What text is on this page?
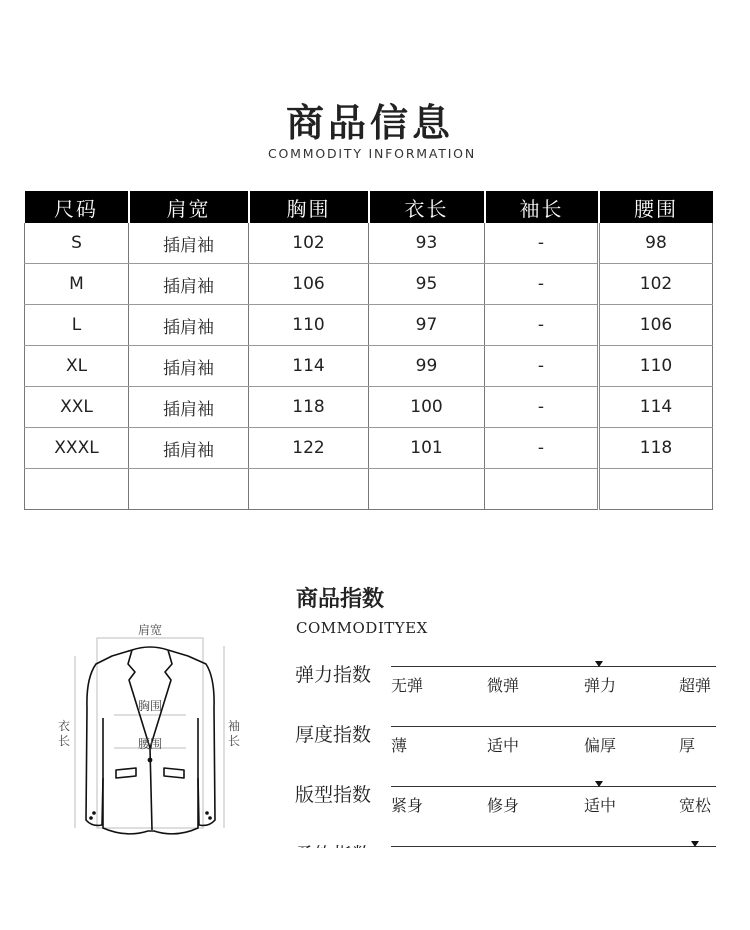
商品信息
COMMODITY INFORMATION
尺码	肩宽	胸围	衣长	袖长	腰围
S	插肩袖	102	93	-	98
M	插肩袖	106	95	-	102
L	插肩袖	110	97	-	106
XL	插肩袖	114	99	-	110
XXL	插肩袖	118	100	-	114
XXXL	插肩袖	122	101	-	118

肩宽
胸围
腰围
衣
长
袖
长
商品指数
COMMODITYEX
弹力指数 无弹	微弹	弹力	超弹
厚度指数 薄	适中	偏厚	厚
版型指数 紧身	修身	适中	宽松
